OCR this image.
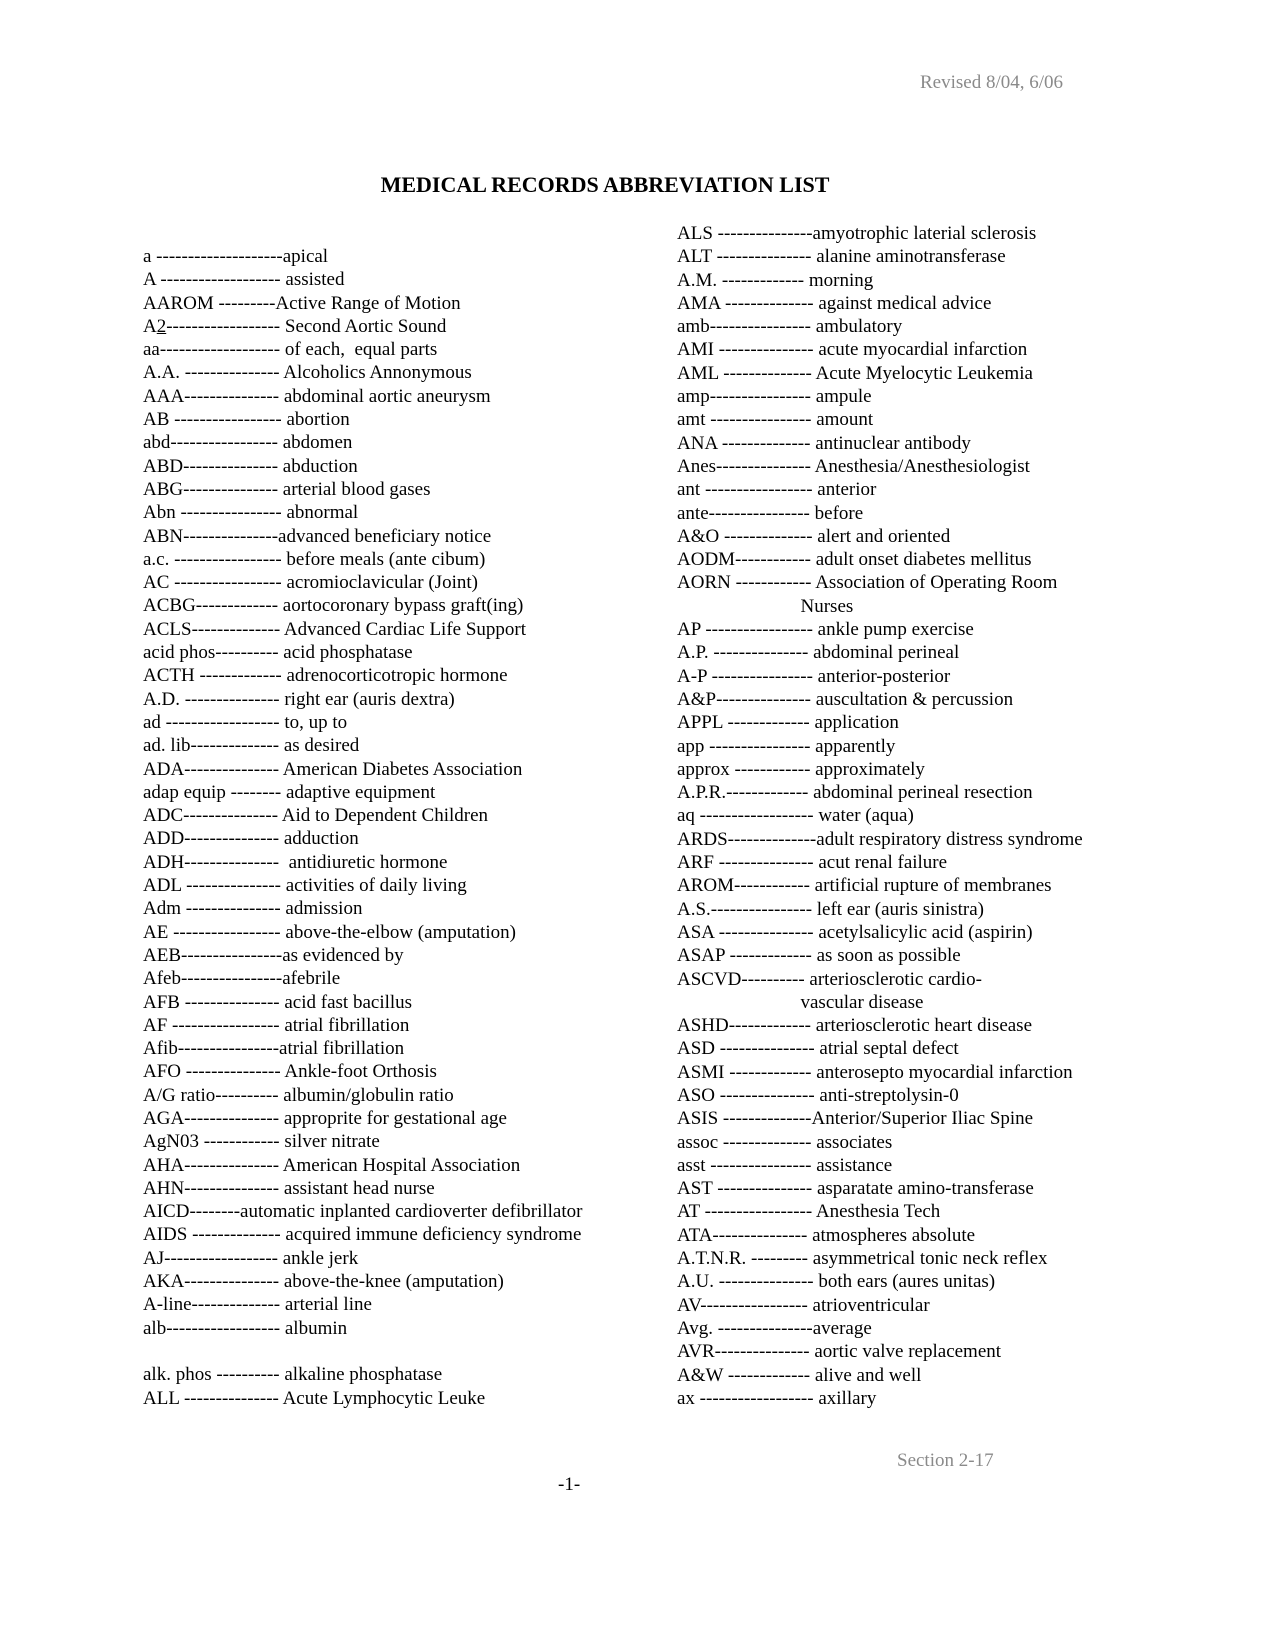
Revised 8/04, 6/06
MEDICAL RECORDS ABBREVIATION LIST
a --------------------apical
A ------------------- assisted
AAROM ---------Active Range of Motion
A2------------------ Second Aortic Sound
aa------------------- of each,  equal parts
A.A. --------------- Alcoholics Annonymous
AAA--------------- abdominal aortic aneurysm
AB ----------------- abortion
abd----------------- abdomen
ABD--------------- abduction
ABG--------------- arterial blood gases
Abn ---------------- abnormal
ABN---------------advanced beneficiary notice
a.c. ----------------- before meals (ante cibum)
AC ----------------- acromioclavicular (Joint)
ACBG------------- aortocoronary bypass graft(ing)
ACLS-------------- Advanced Cardiac Life Support
acid phos---------- acid phosphatase
ACTH ------------- adrenocorticotropic hormone
A.D. --------------- right ear (auris dextra)
ad ------------------ to, up to
ad. lib-------------- as desired
ADA--------------- American Diabetes Association
adap equip -------- adaptive equipment
ADC--------------- Aid to Dependent Children
ADD--------------- adduction
ADH---------------  antidiuretic hormone
ADL --------------- activities of daily living
Adm --------------- admission
AE ----------------- above-the-elbow (amputation)
AEB----------------as evidenced by
Afeb----------------afebrile
AFB --------------- acid fast bacillus
AF ----------------- atrial fibrillation
Afib----------------atrial fibrillation
AFO --------------- Ankle-foot Orthosis
A/G ratio---------- albumin/globulin ratio
AGA--------------- approprite for gestational age
AgN03 ------------ silver nitrate
AHA--------------- American Hospital Association
AHN--------------- assistant head nurse
AICD--------automatic inplanted cardioverter defibrillator
AIDS -------------- acquired immune deficiency syndrome
AJ------------------ ankle jerk
AKA--------------- above-the-knee (amputation)
A-line-------------- arterial line
alb------------------ albumin
alk. phos ---------- alkaline phosphatase
ALL --------------- Acute Lymphocytic Leuke
ALS ---------------amyotrophic laterial sclerosis
ALT --------------- alanine aminotransferase
A.M. ------------- morning
AMA -------------- against medical advice
amb---------------- ambulatory
AMI --------------- acute myocardial infarction
AML -------------- Acute Myelocytic Leukemia
amp---------------- ampule
amt ---------------- amount
ANA -------------- antinuclear antibody
Anes--------------- Anesthesia/Anesthesiologist
ant ----------------- anterior
ante---------------- before
A&O -------------- alert and oriented
AODM------------ adult onset diabetes mellitus
AORN ------------ Association of Operating Room
Nurses
AP ----------------- ankle pump exercise
A.P. --------------- abdominal perineal
A-P ---------------- anterior-posterior
A&P--------------- auscultation & percussion
APPL ------------- application
app ---------------- apparently
approx ------------ approximately
A.P.R.------------- abdominal perineal resection
aq ------------------ water (aqua)
ARDS--------------adult respiratory distress syndrome
ARF --------------- acut renal failure
AROM------------ artificial rupture of membranes
A.S.---------------- left ear (auris sinistra)
ASA --------------- acetylsalicylic acid (aspirin)
ASAP ------------- as soon as possible
ASCVD---------- arteriosclerotic cardio-
vascular disease
ASHD------------- arteriosclerotic heart disease
ASD --------------- atrial septal defect
ASMI ------------- anterosepto myocardial infarction
ASO --------------- anti-streptolysin-0
ASIS --------------Anterior/Superior Iliac Spine
assoc -------------- associates
asst ---------------- assistance
AST --------------- asparatate amino-transferase
AT ----------------- Anesthesia Tech
ATA--------------- atmospheres absolute
A.T.N.R. --------- asymmetrical tonic neck reflex
A.U. --------------- both ears (aures unitas)
AV----------------- atrioventricular
Avg. ---------------average
AVR--------------- aortic valve replacement
A&W ------------- alive and well
ax ------------------ axillary
Section 2-17
-1-
